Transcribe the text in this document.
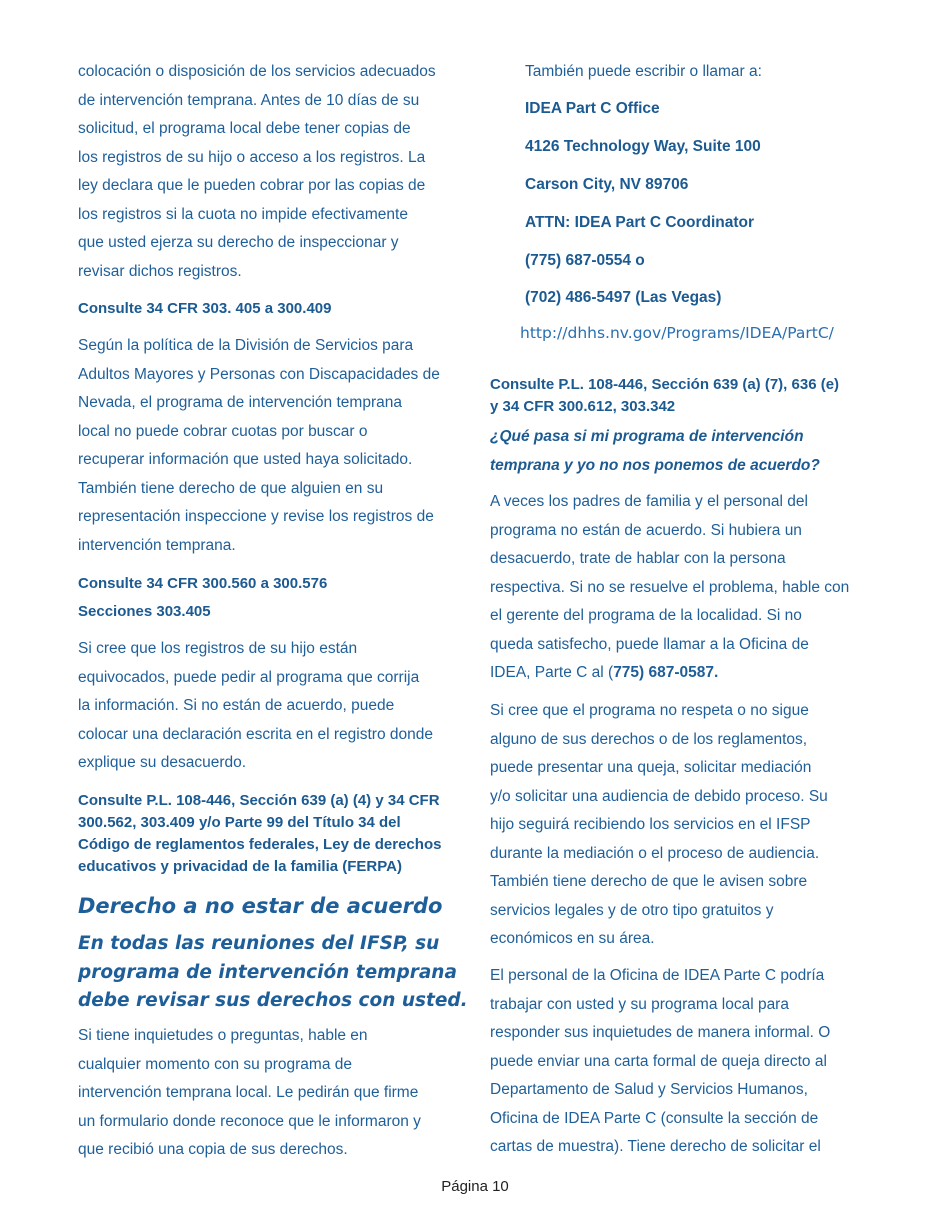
colocación o disposición de los servicios adecuados
de intervención temprana. Antes de 10 días de su
solicitud, el programa local debe tener copias de
los registros de su hijo o acceso a los registros. La
ley declara que le pueden cobrar por las copias de
los registros si la cuota no impide efectivamente
que usted ejerza su derecho de inspeccionar y
revisar dichos registros.

Consulte 34 CFR 303. 405 a 300.409

Según la política de la División de Servicios para
Adultos Mayores y Personas con Discapacidades de
Nevada, el programa de intervención temprana
local no puede cobrar cuotas por buscar o
recuperar información que usted haya solicitado.
También tiene derecho de que alguien en su
representación inspeccione y revise los registros de
intervención temprana.

Consulte 34 CFR 300.560 a 300.576
Secciones 303.405

Si cree que los registros de su hijo están
equivocados, puede pedir al programa que corrija
la información. Si no están de acuerdo, puede
colocar una declaración escrita en el registro donde
explique su desacuerdo.

Consulte P.L. 108-446, Sección 639 (a) (4) y 34 CFR
300.562, 303.409 y/o Parte 99 del Título 34 del
Código de reglamentos federales, Ley de derechos
educativos y privacidad de la familia (FERPA)

Derecho a no estar de acuerdo

En todas las reuniones del IFSP, su
programa de intervención temprana
debe revisar sus derechos con usted.

Si tiene inquietudes o preguntas, hable en
cualquier momento con su programa de
intervención temprana local. Le pedirán que firme
un formulario donde reconoce que le informaron y
que recibió una copia de sus derechos.

También puede escribir o llamar a:

IDEA Part C Office

4126 Technology Way, Suite 100

Carson City, NV 89706

ATTN: IDEA Part C Coordinator

(775) 687-0554 o

(702) 486-5497 (Las Vegas)

http://dhhs.nv.gov/Programs/IDEA/PartC/

Consulte P.L. 108-446, Sección 639 (a) (7), 636 (e)
y 34 CFR 300.612, 303.342

¿Qué pasa si mi programa de intervención
temprana y yo no nos ponemos de acuerdo?

A veces los padres de familia y el personal del
programa no están de acuerdo. Si hubiera un
desacuerdo, trate de hablar con la persona
respectiva. Si no se resuelve el problema, hable con
el gerente del programa de la localidad. Si no
queda satisfecho, puede llamar a la Oficina de
IDEA, Parte C al (775) 687-0587.

Si cree que el programa no respeta o no sigue
alguno de sus derechos o de los reglamentos,
puede presentar una queja, solicitar mediación
y/o solicitar una audiencia de debido proceso. Su
hijo seguirá recibiendo los servicios en el IFSP
durante la mediación o el proceso de audiencia.
También tiene derecho de que le avisen sobre
servicios legales y de otro tipo gratuitos y
económicos en su área.

El personal de la Oficina de IDEA Parte C podría
trabajar con usted y su programa local para
responder sus inquietudes de manera informal. O
puede enviar una carta formal de queja directo al
Departamento de Salud y Servicios Humanos,
Oficina de IDEA Parte C (consulte la sección de
cartas de muestra). Tiene derecho de solicitar el

Página 10
